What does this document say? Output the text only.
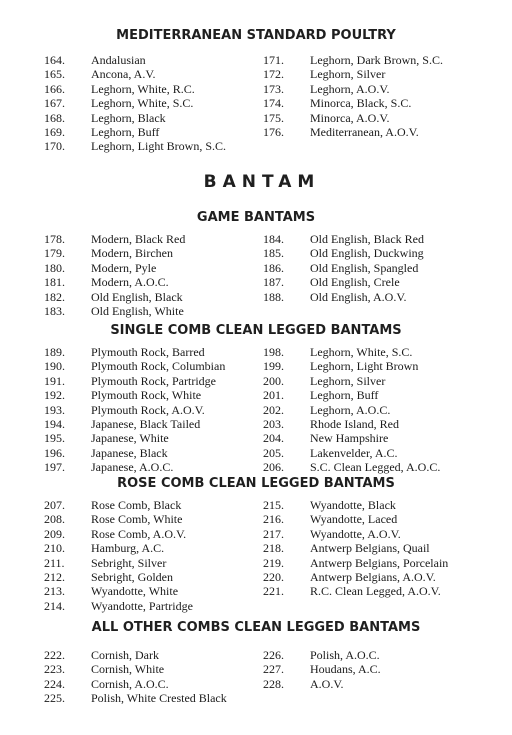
MEDITERRANEAN STANDARD POULTRY
164. Andalusian
165. Ancona, A.V.
166. Leghorn, White, R.C.
167. Leghorn, White, S.C.
168. Leghorn, Black
169. Leghorn, Buff
170. Leghorn, Light Brown, S.C.
171. Leghorn, Dark Brown, S.C.
172. Leghorn, Silver
173. Leghorn, A.O.V.
174. Minorca, Black, S.C.
175. Minorca, A.O.V.
176. Mediterranean, A.O.V.
BANTAM
GAME BANTAMS
178. Modern, Black Red
179. Modern, Birchen
180. Modern, Pyle
181. Modern, A.O.C.
182. Old English, Black
183. Old English, White
184. Old English, Black Red
185. Old English, Duckwing
186. Old English, Spangled
187. Old English, Crele
188. Old English, A.O.V.
SINGLE COMB CLEAN LEGGED BANTAMS
189. Plymouth Rock, Barred
190. Plymouth Rock, Columbian
191. Plymouth Rock, Partridge
192. Plymouth Rock, White
193. Plymouth Rock, A.O.V.
194. Japanese, Black Tailed
195. Japanese, White
196. Japanese, Black
197. Japanese, A.O.C.
198. Leghorn, White, S.C.
199. Leghorn, Light Brown
200. Leghorn, Silver
201. Leghorn, Buff
202. Leghorn, A.O.C.
203. Rhode Island, Red
204. New Hampshire
205. Lakenvelder, A.C.
206. S.C. Clean Legged, A.O.C.
ROSE COMB CLEAN LEGGED BANTAMS
207. Rose Comb, Black
208. Rose Comb, White
209. Rose Comb, A.O.V.
210. Hamburg, A.C.
211. Sebright, Silver
212. Sebright, Golden
213. Wyandotte, White
214. Wyandotte, Partridge
215. Wyandotte, Black
216. Wyandotte, Laced
217. Wyandotte, A.O.V.
218. Antwerp Belgians, Quail
219. Antwerp Belgians, Porcelain
220. Antwerp Belgians, A.O.V.
221. R.C. Clean Legged, A.O.V.
ALL OTHER COMBS CLEAN LEGGED BANTAMS
222. Cornish, Dark
223. Cornish, White
224. Cornish, A.O.C.
225. Polish, White Crested Black
226. Polish, A.O.C.
227. Houdans, A.C.
228. A.O.V.
